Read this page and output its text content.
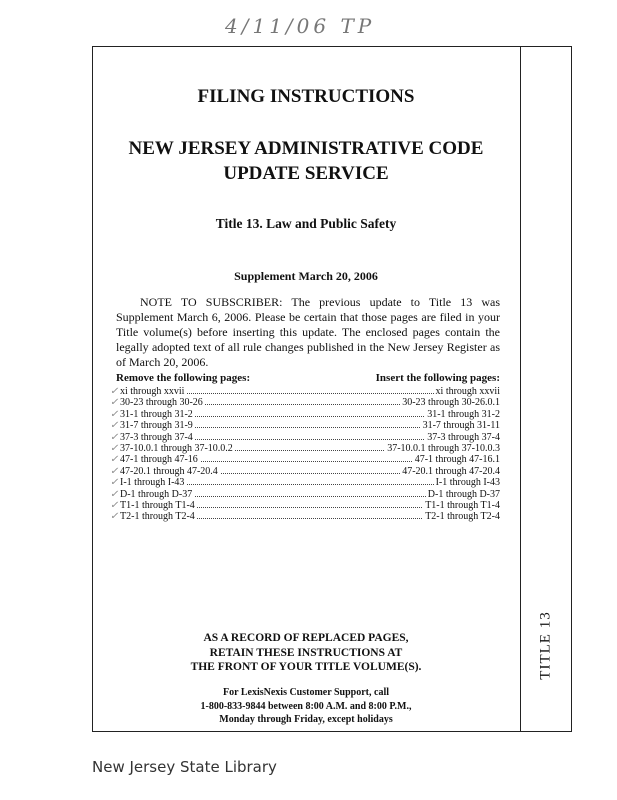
4/11/06 TP
TITLE 13
FILING INSTRUCTIONS
NEW JERSEY ADMINISTRATIVE CODE
UPDATE SERVICE
Title 13. Law and Public Safety
Supplement March 20, 2006
NOTE TO SUBSCRIBER: The previous update to Title 13 was Supplement March 6, 2006. Please be certain that those pages are filed in your Title volume(s) before inserting this update. The enclosed pages contain the legally adopted text of all rule changes published in the New Jersey Register as of March 20, 2006.
Remove the following pages:	Insert the following pages:
✓ xi through xxvii	xi through xxvii
✓ 30-23 through 30-26	30-23 through 30-26.0.1
✓ 31-1 through 31-2	31-1 through 31-2
✓ 31-7 through 31-9	31-7 through 31-11
✓ 37-3 through 37-4	37-3 through 37-4
✓ 37-10.0.1 through 37-10.0.2	37-10.0.1 through 37-10.0.3
✓ 47-1 through 47-16	47-1 through 47-16.1
✓ 47-20.1 through 47-20.4	47-20.1 through 47-20.4
✓ I-1 through I-43	I-1 through I-43
✓ D-1 through D-37	D-1 through D-37
✓ T1-1 through T1-4	T1-1 through T1-4
✓ T2-1 through T2-4	T2-1 through T2-4
AS A RECORD OF REPLACED PAGES,
RETAIN THESE INSTRUCTIONS AT
THE FRONT OF YOUR TITLE VOLUME(S).
For LexisNexis Customer Support, call
1-800-833-9844 between 8:00 A.M. and 8:00 P.M.,
Monday through Friday, except holidays
New Jersey State Library
